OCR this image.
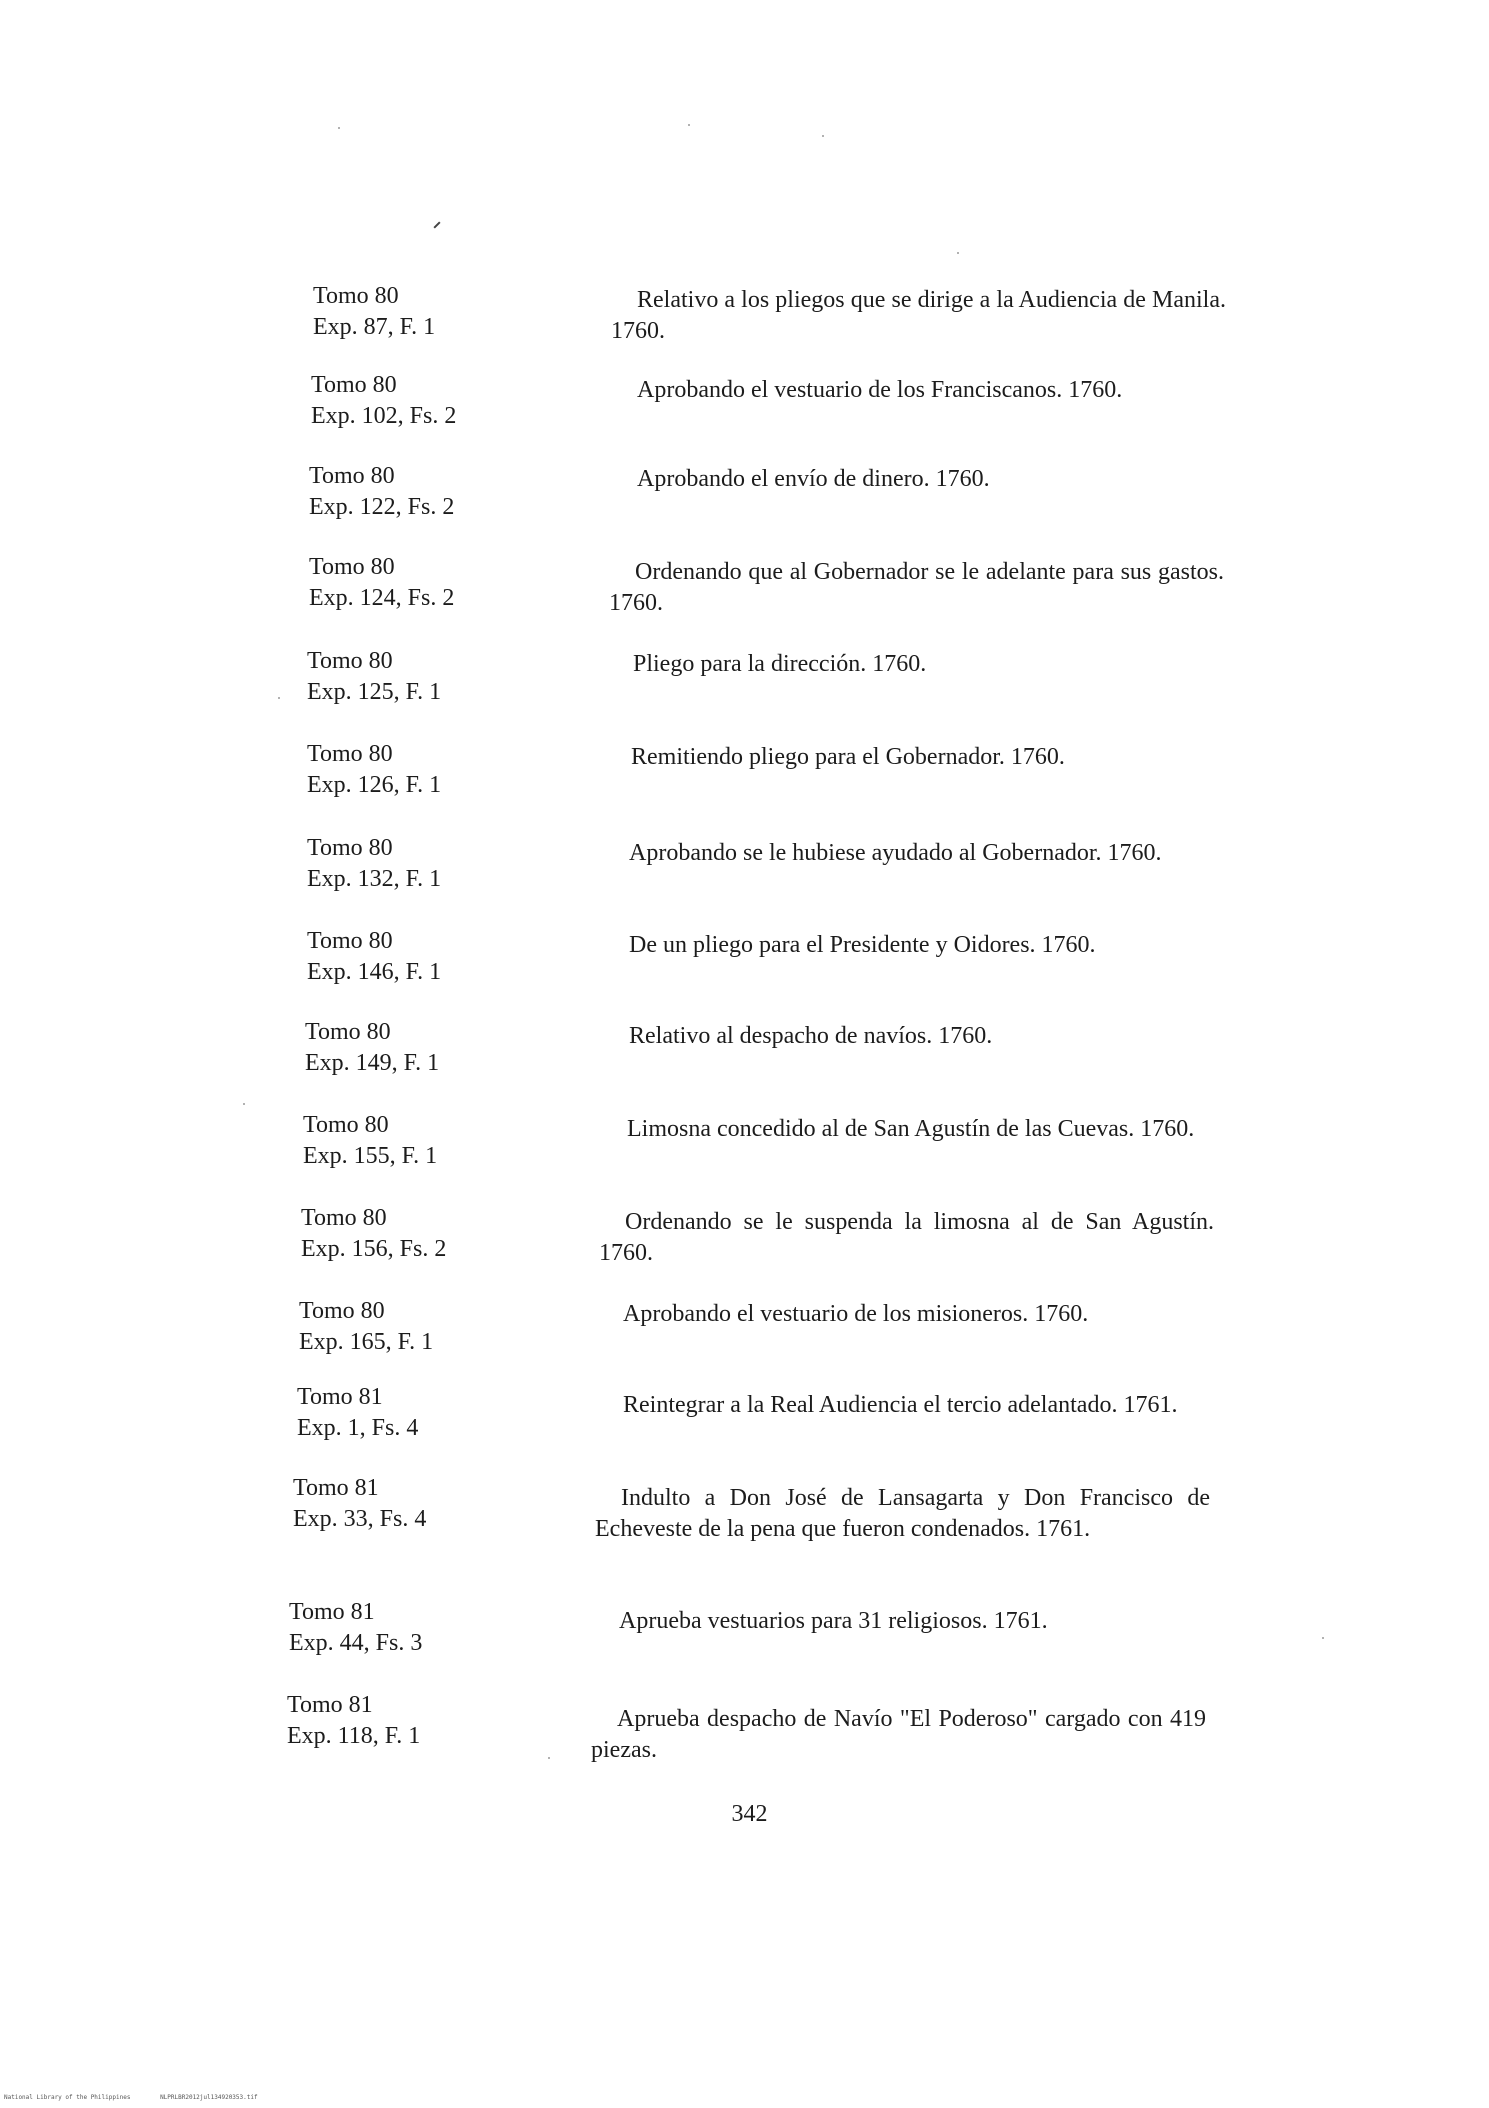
Tomo 80
Exp. 87, F. 1
Relativo a los pliegos que se dirige a la Audiencia de Manila. 1760.
Tomo 80
Exp. 102, Fs. 2
Aprobando el vestuario de los Franciscanos. 1760.
Tomo 80
Exp. 122, Fs. 2
Aprobando el envío de dinero. 1760.
Tomo 80
Exp. 124, Fs. 2
Ordenando que al Gobernador se le adelante para sus gastos. 1760.
Tomo 80
Exp. 125, F. 1
Pliego para la dirección. 1760.
Tomo 80
Exp. 126, F. 1
Remitiendo pliego para el Gobernador. 1760.
Tomo 80
Exp. 132, F. 1
Aprobando se le hubiese ayudado al Gobernador. 1760.
Tomo 80
Exp. 146, F. 1
De un pliego para el Presidente y Oidores. 1760.
Tomo 80
Exp. 149, F. 1
Relativo al despacho de navíos. 1760.
Tomo 80
Exp. 155, F. 1
Limosna concedido al de San Agustín de las Cuevas. 1760.
Tomo 80
Exp. 156, Fs. 2
Ordenando se le suspenda la limosna al de San Agustín. 1760.
Tomo 80
Exp. 165, F. 1
Aprobando el vestuario de los misioneros. 1760.
Tomo 81
Exp. 1, Fs. 4
Reintegrar a la Real Audiencia el tercio adelantado. 1761.
Tomo 81
Exp. 33, Fs. 4
Indulto a Don José de Lansagarta y Don Francisco de Echeveste de la pena que fueron condenados. 1761.
Tomo 81
Exp. 44, Fs. 3
Aprueba vestuarios para 31 religiosos. 1761.
Tomo 81
Exp. 118, F. 1
Aprueba despacho de Navío "El Poderoso" cargado con 419 piezas.
342
National Library of the Philippines	NLPRLBR2012jul134920353.tif
